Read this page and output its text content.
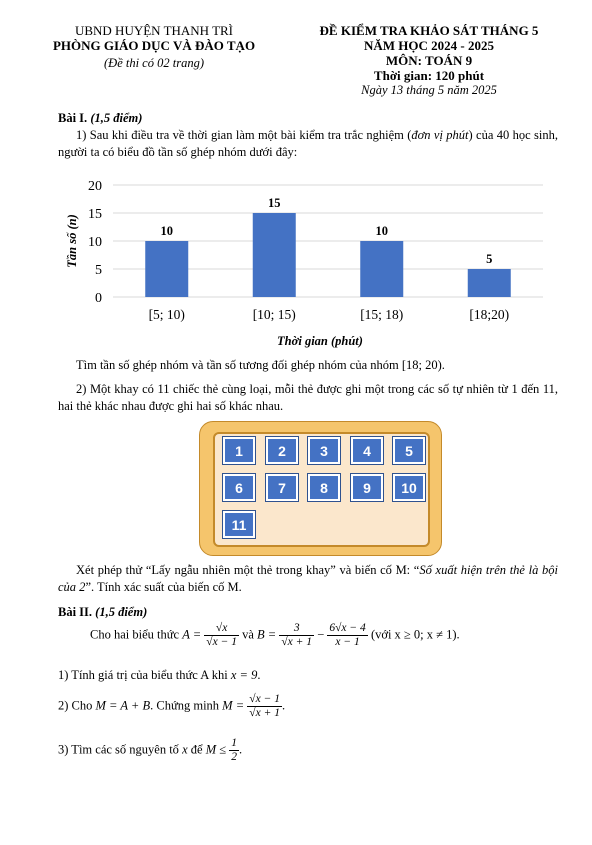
UBND HUYỆN THANH TRÌ
PHÒNG GIÁO DỤC VÀ ĐÀO TẠO
(Đề thi có 02 trang)
ĐỀ KIỂM TRA KHẢO SÁT THÁNG 5
NĂM HỌC 2024 - 2025
MÔN: TOÁN 9
Thời gian: 120 phút
Ngày 13 tháng 5 năm 2025
Bài I. (1,5 điểm)
1) Sau khi điều tra về thời gian làm một bài kiểm tra trắc nghiệm (đơn vị phút) của 40 học sinh, người ta có biểu đồ tần số ghép nhóm dưới đây:
0
5
10
15
20
[5; 10)	[10; 15)	[15; 18)	[18;20)
10
15
10
5
Tần số (n)
Thời gian (phút)
Tìm tần số ghép nhóm và tần số tương đối ghép nhóm của nhóm [18; 20).
2) Một khay có 11 chiếc thẻ cùng loại, mỗi thẻ được ghi một trong các số tự nhiên từ 1 đến 11, hai thẻ khác nhau được ghi hai số khác nhau.
1	2	3	4	5
6	7	8	9	10
11
Xét phép thử “Lấy ngẫu nhiên một thẻ trong khay” và biến cố M: “Số xuất hiện trên thẻ là bội của 2”. Tính xác suất của biến cố M.
Bài II. (1,5 điểm)
Cho hai biểu thức $A = \frac{√x}{√x - 1}$ và $B = \frac{3}{√x + 1} - \frac{6√x - 4}{x - 1}$ (với x ≥ 0; x ≠ 1).
1) Tính giá trị của biểu thức A khi x = 9.
2) Cho M = A + B. Chứng minh $M = \frac{√x - 1}{√x + 1}$ .
3) Tìm các số nguyên tố x để $M \le \frac{1}{2}$ .
